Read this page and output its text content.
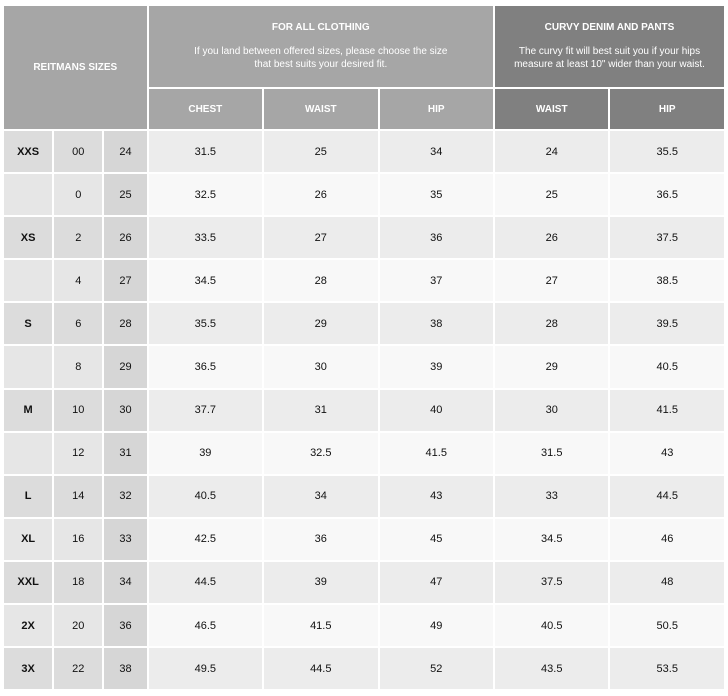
REITMANS SIZES			FOR ALL CLOTHING
If you land between offered sizes, please choose the size that best suits your desired fit.			CURVY DENIM AND PANTS
The curvy fit will best suit you if your hips measure at least 10" wider than your waist.	

			CHEST	WAIST	HIP	WAIST	HIP
XXS	00	24	31.5	25	34	24	35.5
	0	25	32.5	26	35	25	36.5
XS	2	26	33.5	27	36	26	37.5
	4	27	34.5	28	37	27	38.5
S	6	28	35.5	29	38	28	39.5
	8	29	36.5	30	39	29	40.5
M	10	30	37.7	31	40	30	41.5
	12	31	39	32.5	41.5	31.5	43
L	14	32	40.5	34	43	33	44.5
XL	16	33	42.5	36	45	34.5	46
XXL	18	34	44.5	39	47	37.5	48
2X	20	36	46.5	41.5	49	40.5	50.5
3X	22	38	49.5	44.5	52	43.5	53.5
